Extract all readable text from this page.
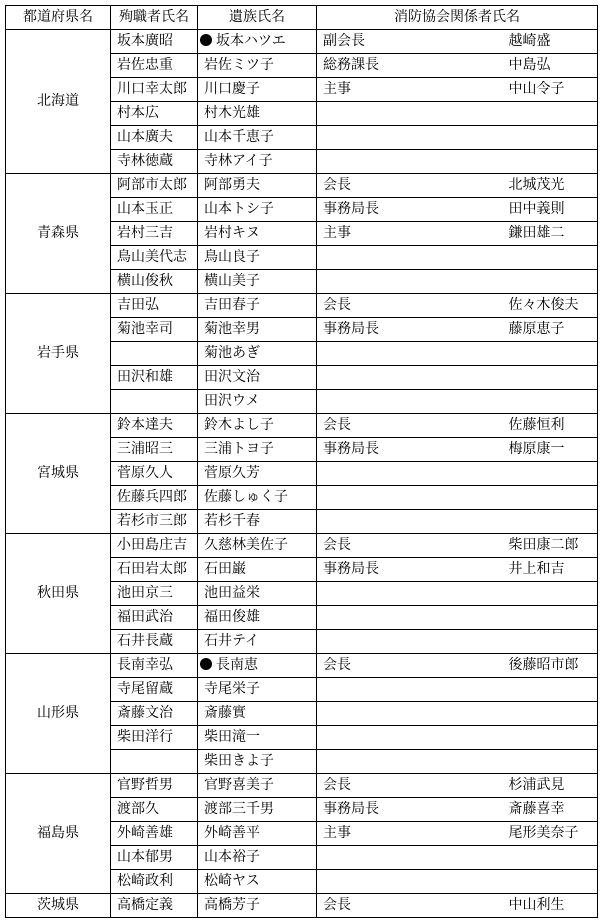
都道府県名	殉職者氏名	遺族氏名	消防協会関係者氏名	
北海道	坂本廣昭	坂本ハツエ	副会長	越崎盛
	岩佐忠重	岩佐ミツ子	総務課長	中島弘
	川口幸太郎	川口慶子	主事	中山令子
	村本広	村木光雄		
	山本廣夫	山本千恵子		
	寺林徳蔵	寺林アイ子		
青森県	阿部市太郎	阿部勇夫	会長	北城茂光
	山本玉正	山本トシ子	事務局長	田中義則
	岩村三吉	岩村キヌ	主事	鎌田雄二
	鳥山美代志	鳥山良子		
	横山俊秋	横山美子		
岩手県	吉田弘	吉田春子	会長	佐々木俊夫
	菊池幸司	菊池幸男	事務局長	藤原恵子
		菊池あぎ		
	田沢和雄	田沢文治		
		田沢ウメ		
宮城県	鈴本達夫	鈴木よし子	会長	佐藤恒利
	三浦昭三	三浦トヨ子	事務局長	梅原康一
	菅原久人	菅原久芳		
	佐藤兵四郎	佐藤しゅく子		
	若杉市三郎	若杉千春		
秋田県	小田島庄吉	久慈林美佐子	会長	柴田康二郎
	石田岩太郎	石田巌	事務局長	井上和吉
	池田京三	池田益栄		
	福田武治	福田俊雄		
	石井長蔵	石井テイ		
山形県	長南幸弘	長南恵	会長	後藤昭市郎
	寺尾留蔵	寺尾栄子		
	斎藤文治	斎藤實		
	柴田洋行	柴田滝一		
		柴田きよ子		
福島県	官野哲男	官野喜美子	会長	杉浦武見
	渡部久	渡部三千男	事務局長	斎藤喜幸
	外崎善雄	外崎善平	主事	尾形美奈子
	山本郁男	山本裕子		
	松崎政利	松崎ヤス		
茨城県	高橋定義	高橋芳子	会長	中山利生
